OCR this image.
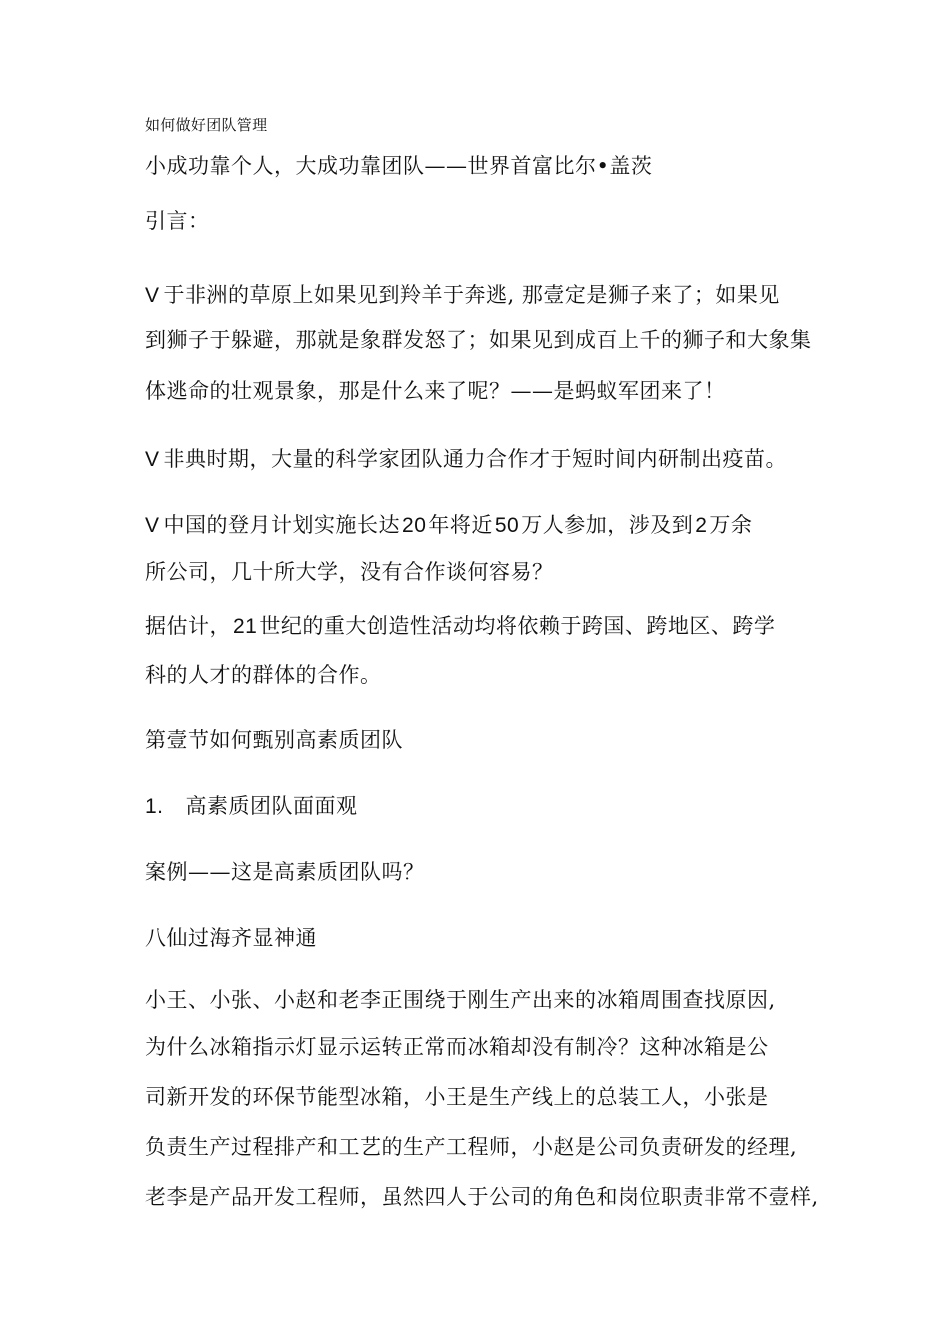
如何做好团队管理
小成功靠个人，大成功靠团队——世界首富比尔•盖茨
引言：
V 于非洲的草原上如果见到羚羊于奔逃, 那壹定是狮子来了；如果见
到狮子于躲避，那就是象群发怒了；如果见到成百上千的狮子和大象集
体逃命的壮观景象，那是什么来了呢？——是蚂蚁军团来了！
V 非典时期，大量的科学家团队通力合作才于短时间内研制出疫苗。
V 中国的登月计划实施长达20年将近50万人参加，涉及到2万余
所公司，几十所大学，没有合作谈何容易？
据估计，21世纪的重大创造性活动均将依赖于跨国、跨地区、跨学
科的人才的群体的合作。
第壹节如何甄别高素质团队
1. 高素质团队面面观
案例——这是高素质团队吗？
八仙过海齐显神通
小王、小张、小赵和老李正围绕于刚生产出来的冰箱周围查找原因,
为什么冰箱指示灯显示运转正常而冰箱却没有制冷？这种冰箱是公
司新开发的环保节能型冰箱，小王是生产线上的总装工人，小张是
负责生产过程排产和工艺的生产工程师，小赵是公司负责研发的经理,
老李是产品开发工程师，虽然四人于公司的角色和岗位职责非常不壹样,
